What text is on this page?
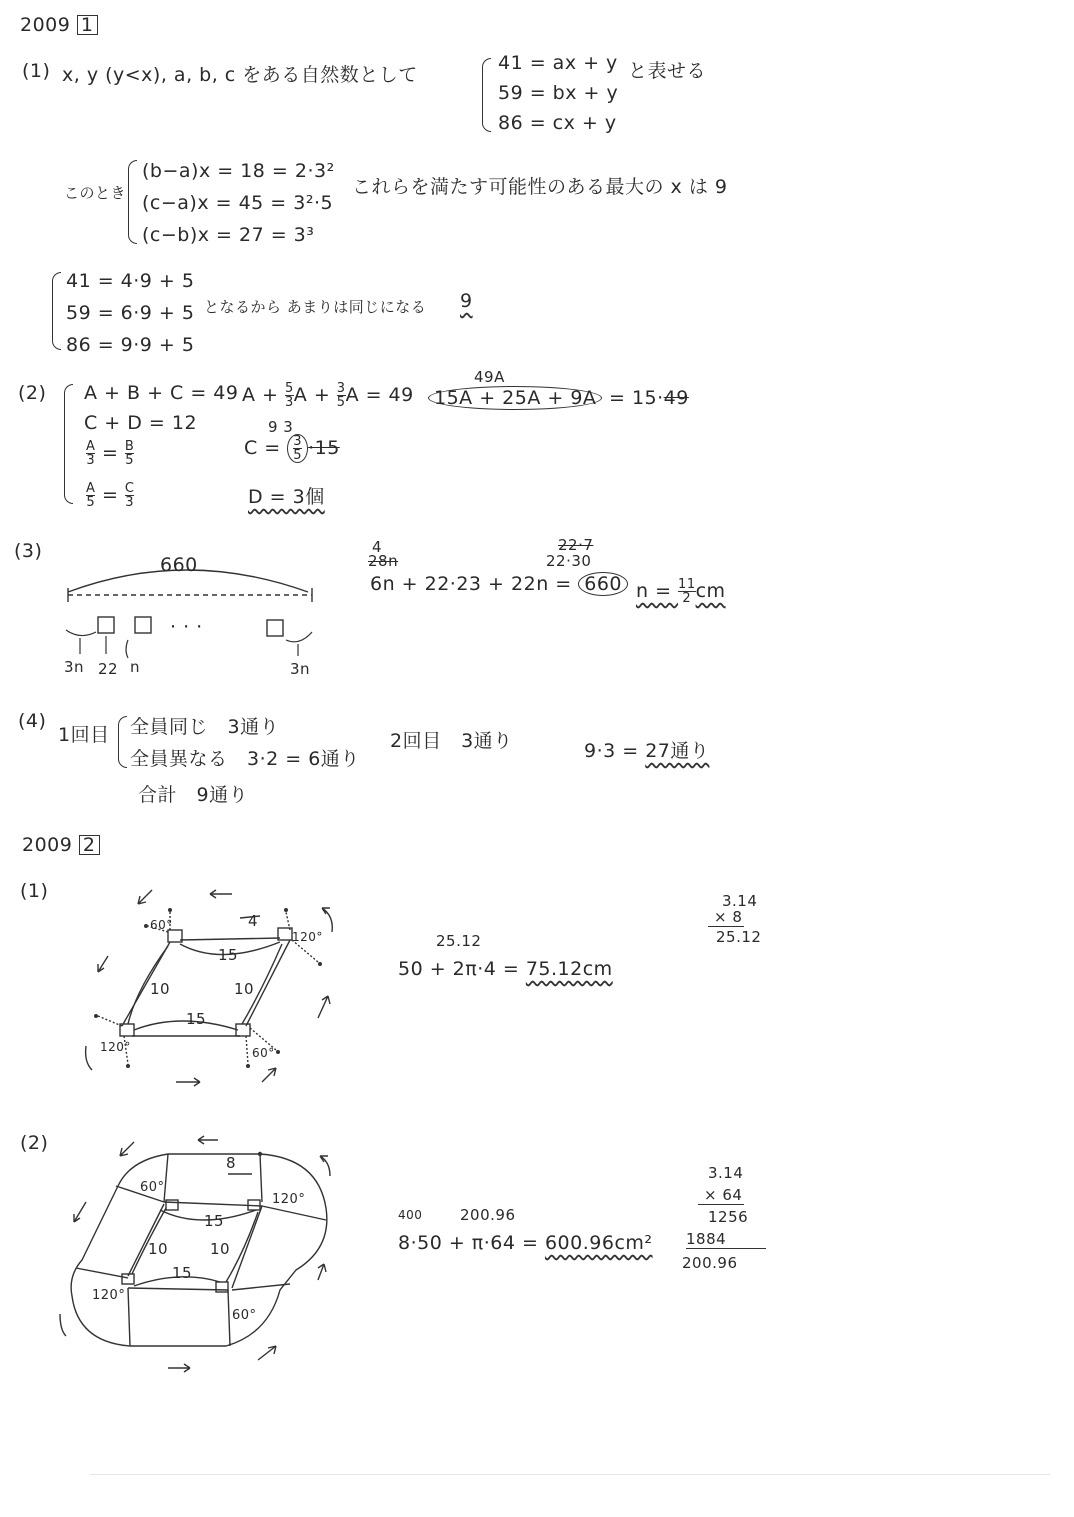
2009 1
(1) x, y (y<x), a, b, c をある自然数として
41 = ax + y
59 = bx + y
86 = cx + y
と表せる
このとき
(b−a)x = 18 = 2·3²
(c−a)x = 45 = 3²·5
(c−b)x = 27 = 3³
これらを満たす可能性のある最大の x は 9
41 = 4·9 + 5
59 = 6·9 + 5
86 = 9·9 + 5
となるから あまりは同じになる 9
(2) A + B + C = 49
C + D = 12
$\frac{A}{3} = \frac{B}{5}$
$\frac{A}{5} = \frac{C}{3}$
$A + \frac{5}{3}$ $A + \frac{3}{5}$ A = 49
49A
15A + 25A + 9A = 15·49
9 3
$C = \frac{3}{5} \cdot 15$
D = 3個
(3)
660
· · ·
3n 22 n	3n
4
28n
22·7
22·30
6n + 22·23 + 22n = 660 $n = \frac{11}{2}$ cm
(4)
1回目 全員同じ　3通り
全員異なる　3·2 = 6通り
合計　9通り
2回目　3通り	9·3 = 27通り
2009 2
(1)
4
15
15
10	10
60°
120°
120°	60°
25.12
50 + 2π·4 = 75.12cm
3.14
× 8
25.12
(2)
8
15
15
10	10
60°
120°
120°
60°
400	200.96
8·50 + π·64 = 600.96cm²
3.14
× 64
1256
1884
200.96
